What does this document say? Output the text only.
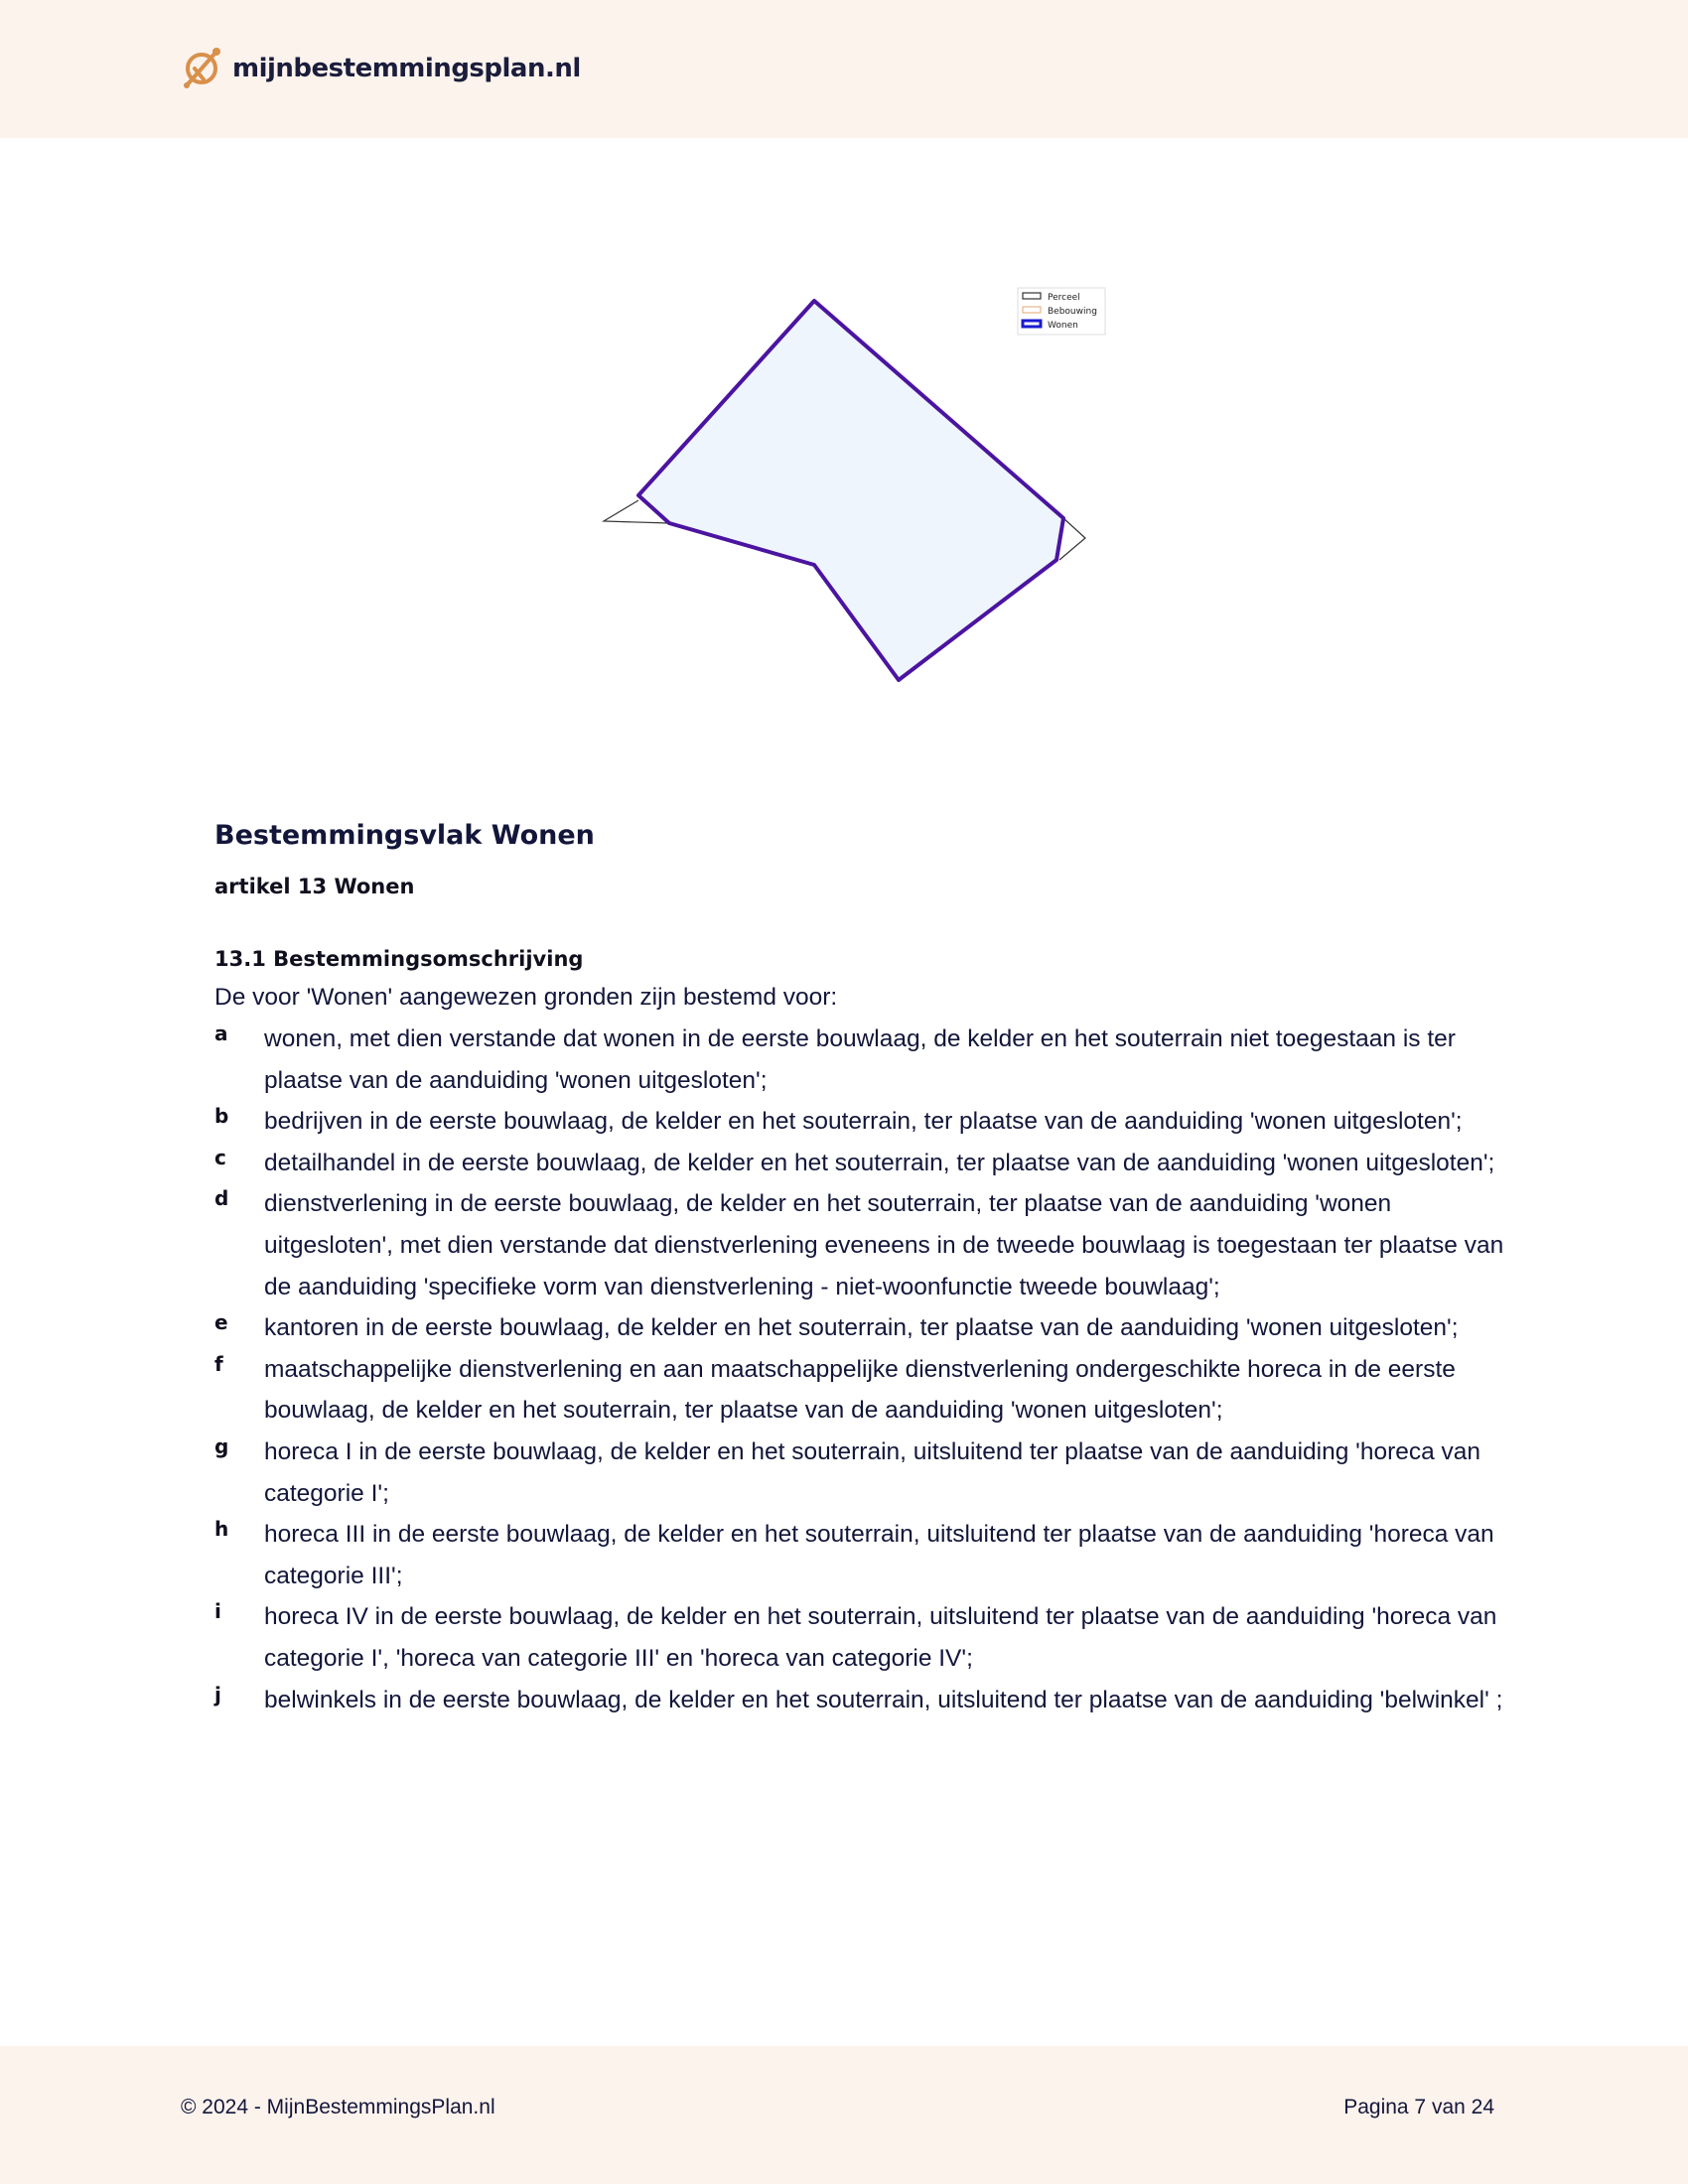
mijnbestemmingsplan.nl
Perceel
Bebouwing
Wonen
Bestemmingsvlak Wonen

artikel 13 Wonen

13.1 Bestemmingsomschrijving

De voor 'Wonen' aangewezen gronden zijn bestemd voor:

a wonen, met dien verstande dat wonen in de eerste bouwlaag, de kelder en het souterrain niet toegestaan is ter plaatse van de aanduiding 'wonen uitgesloten';
b bedrijven in de eerste bouwlaag, de kelder en het souterrain, ter plaatse van de aanduiding 'wonen uitgesloten';
c detailhandel in de eerste bouwlaag, de kelder en het souterrain, ter plaatse van de aanduiding 'wonen uitgesloten';
d dienstverlening in de eerste bouwlaag, de kelder en het souterrain, ter plaatse van de aanduiding 'wonen uitgesloten', met dien verstande dat dienstverlening eveneens in de tweede bouwlaag is toegestaan ter plaatse van de aanduiding 'specifieke vorm van dienstverlening - niet-woonfunctie tweede bouwlaag';
e kantoren in de eerste bouwlaag, de kelder en het souterrain, ter plaatse van de aanduiding 'wonen uitgesloten';
f maatschappelijke dienstverlening en aan maatschappelijke dienstverlening ondergeschikte horeca in de eerste bouwlaag, de kelder en het souterrain, ter plaatse van de aanduiding 'wonen uitgesloten';
g horeca I in de eerste bouwlaag, de kelder en het souterrain, uitsluitend ter plaatse van de aanduiding 'horeca van categorie I';
h horeca III in de eerste bouwlaag, de kelder en het souterrain, uitsluitend ter plaatse van de aanduiding 'horeca van categorie III';
i horeca IV in de eerste bouwlaag, de kelder en het souterrain, uitsluitend ter plaatse van de aanduiding 'horeca van categorie I', 'horeca van categorie III' en 'horeca van categorie IV';
j belwinkels in de eerste bouwlaag, de kelder en het souterrain, uitsluitend ter plaatse van de aanduiding 'belwinkel' ;
© 2024 - MijnBestemmingsPlan.nl	Pagina 7 van 24
